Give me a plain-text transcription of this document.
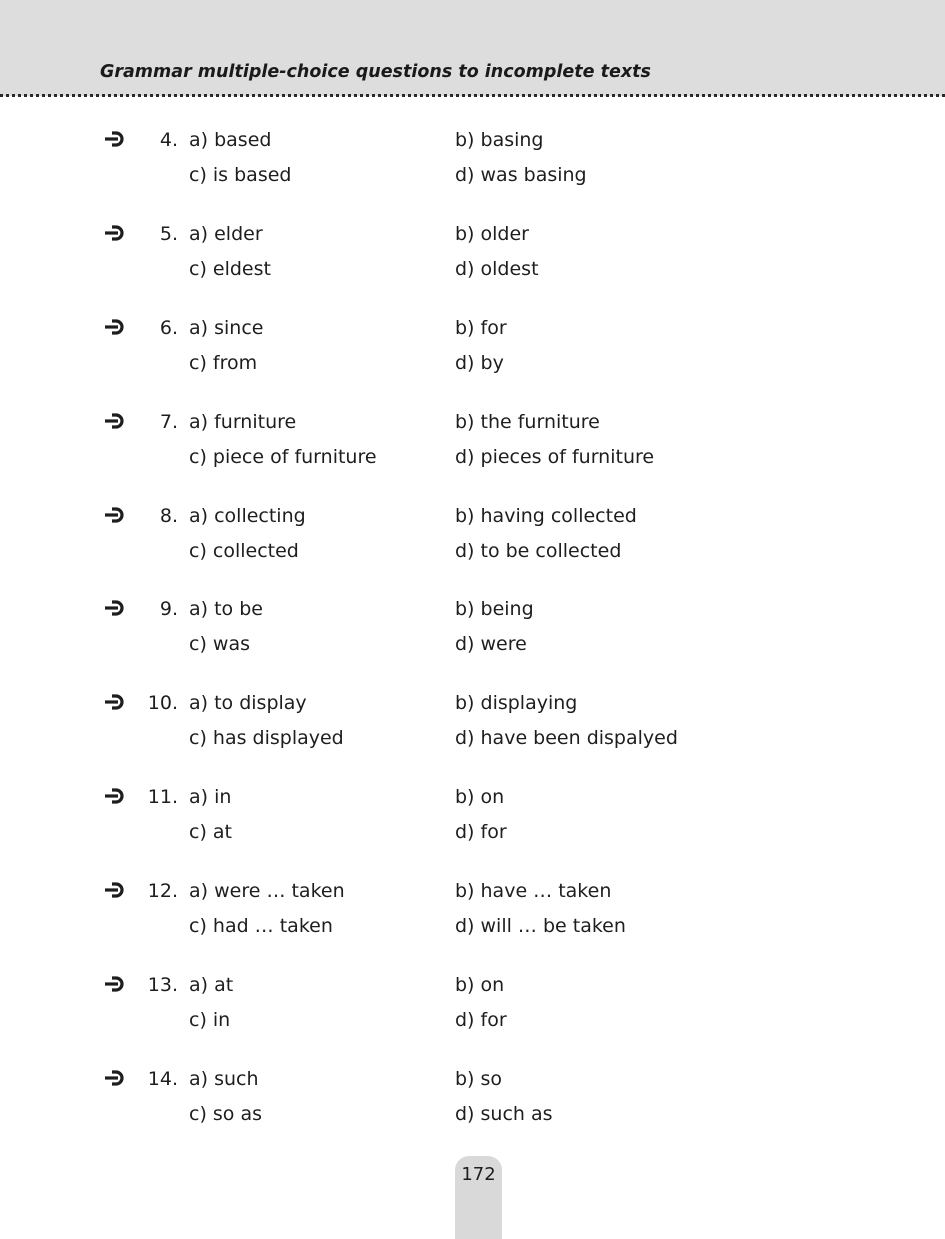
Grammar multiple-choice questions to incomplete texts
4. a) based	b) basing
c) is based	d) was basing
5. a) elder	b) older
c) eldest	d) oldest
6. a) since	b) for
c) from	d) by
7. a) furniture	b) the furniture
c) piece of furniture	d) pieces of furniture
8. a) collecting	b) having collected
c) collected	d) to be collected
9. a) to be	b) being
c) was	d) were
10. a) to display	b) displaying
c) has displayed	d) have been dispalyed
11. a) in	b) on
c) at	d) for
12. a) were … taken	b) have … taken
c) had … taken	d) will … be taken
13. a) at	b) on
c) in	d) for
14. a) such	b) so
c) so as	d) such as
172
